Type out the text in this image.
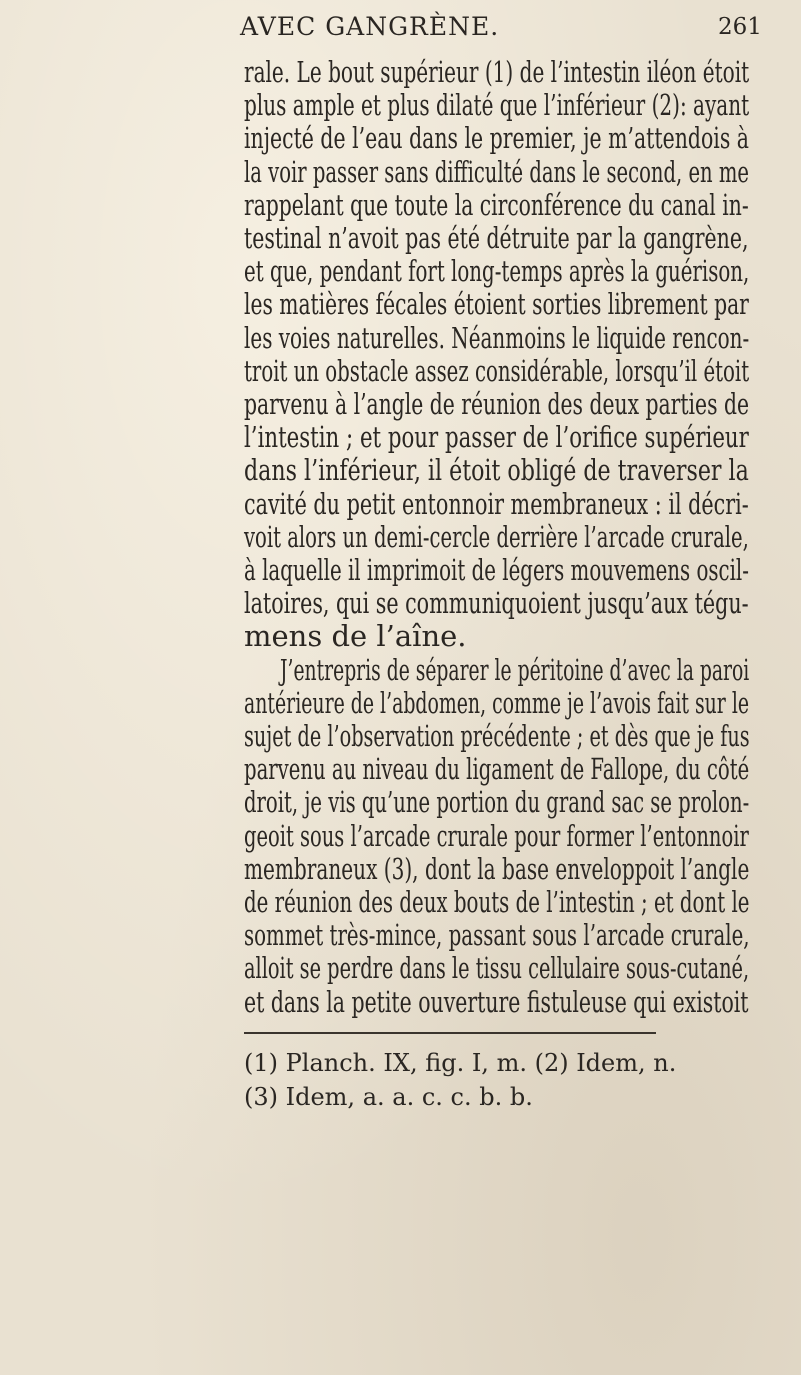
AVEC GANGRÈNE.	261
rale. Le bout supérieur (1) de l’intestin iléon étoit
plus ample et plus dilaté que l’inférieur (2): ayant
injecté de l’eau dans le premier, je m’attendois à
la voir passer sans difficulté dans le second, en me
rappelant que toute la circonférence du canal in-
testinal n’avoit pas été détruite par la gangrène,
et que, pendant fort long-temps après la guérison,
les matières fécales étoient sorties librement par
les voies naturelles. Néanmoins le liquide rencon-
troit un obstacle assez considérable, lorsqu’il étoit
parvenu à l’angle de réunion des deux parties de
l’intestin ; et pour passer de l’orifice supérieur
dans l’inférieur, il étoit obligé de traverser la
cavité du petit entonnoir membraneux : il décri-
voit alors un demi-cercle derrière l’arcade crurale,
à laquelle il imprimoit de légers mouvemens oscil-
latoires, qui se communiquoient jusqu’aux tégu-
mens de l’aîne.
J’entrepris de séparer le péritoine d’avec la paroi
antérieure de l’abdomen, comme je l’avois fait sur le
sujet de l’observation précédente ; et dès que je fus
parvenu au niveau du ligament de Fallope, du côté
droit, je vis qu’une portion du grand sac se prolon-
geoit sous l’arcade crurale pour former l’entonnoir
membraneux (3), dont la base enveloppoit l’angle
de réunion des deux bouts de l’intestin ; et dont le
sommet très-mince, passant sous l’arcade crurale,
alloit se perdre dans le tissu cellulaire sous-cutané,
et dans la petite ouverture fistuleuse qui existoit
(1) Planch. IX, fig. I, m. (2) Idem, n.
(3) Idem, a. a. c. c. b. b.
